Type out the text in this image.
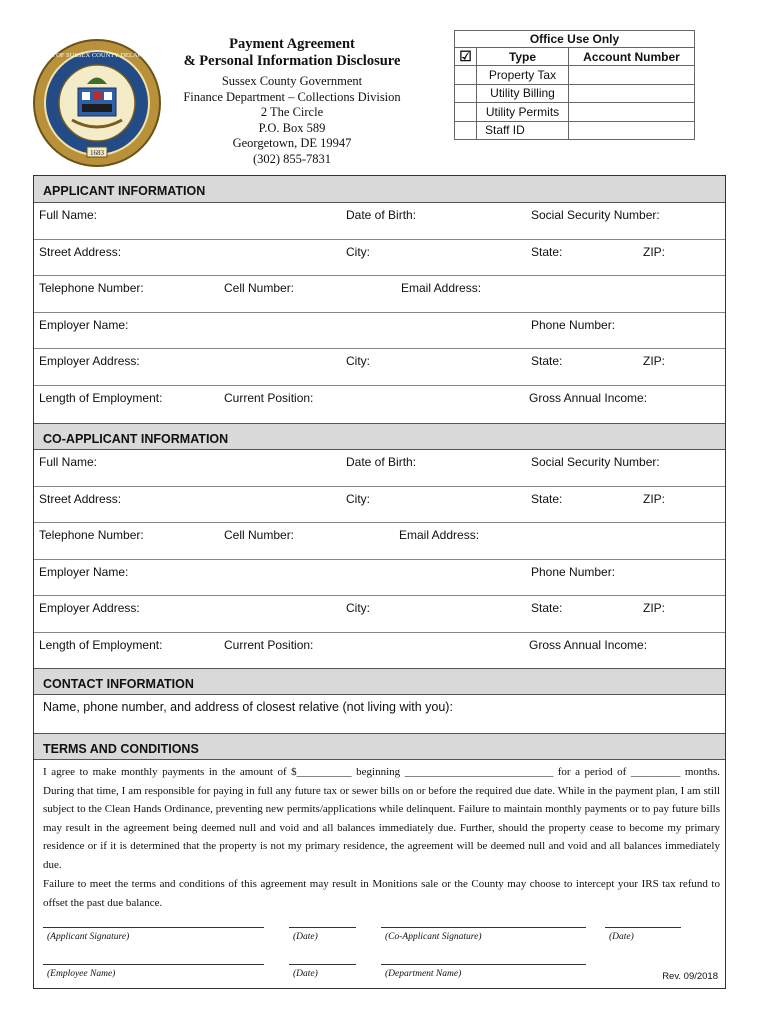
1683
SEAL OF SUSSEX COUNTY DELAWARE
Payment Agreement
& Personal Information Disclosure
Sussex County Government
Finance Department – Collections Division
2 The Circle
P.O. Box 589
Georgetown, DE 19947
(302) 855-7831
Office Use Only		
☑	Type	Account Number
	Property Tax	
	Utility Billing	
	Utility Permits	
	Staff ID	
APPLICANT INFORMATION
Full Name:	Date of Birth:	Social Security Number:
Street Address:	City:	State:	ZIP:
Telephone Number:	Cell Number:	Email Address:
Employer Name:	Phone Number:
Employer Address:	City:	State:	ZIP:
Length of Employment:	Current Position:	Gross Annual Income:
CO-APPLICANT INFORMATION
Full Name:	Date of Birth:	Social Security Number:
Street Address:	City:	State:	ZIP:
Telephone Number:	Cell Number:	Email Address:
Employer Name:	Phone Number:
Employer Address:	City:	State:	ZIP:
Length of Employment:	Current Position:	Gross Annual Income:
CONTACT INFORMATION
Name, phone number, and address of closest relative (not living with you):
TERMS AND CONDITIONS

I agree to make monthly payments in the amount of $__________ beginning ___________________________ for a period of _________ months. During that time, I am responsible for paying in full any future tax or sewer bills on or before the required due date. While in the payment plan, I am still subject to the Clean Hands Ordinance, preventing new permits/applications while delinquent. Failure to maintain monthly payments or to pay future bills may result in the agreement being deemed null and void and all balances immediately due. Further, should the property cease to become my primary residence or if it is determined that the property is not my primary residence, the agreement will be deemed null and void and all balances immediately due.

Failure to meet the terms and conditions of this agreement may result in Monitions sale or the County may choose to intercept your IRS tax refund to offset the past due balance.

(Applicant Signature)	(Date)	(Co-Applicant Signature)	(Date)
(Employee Name)	(Date)	(Department Name)	Rev. 09/2018
